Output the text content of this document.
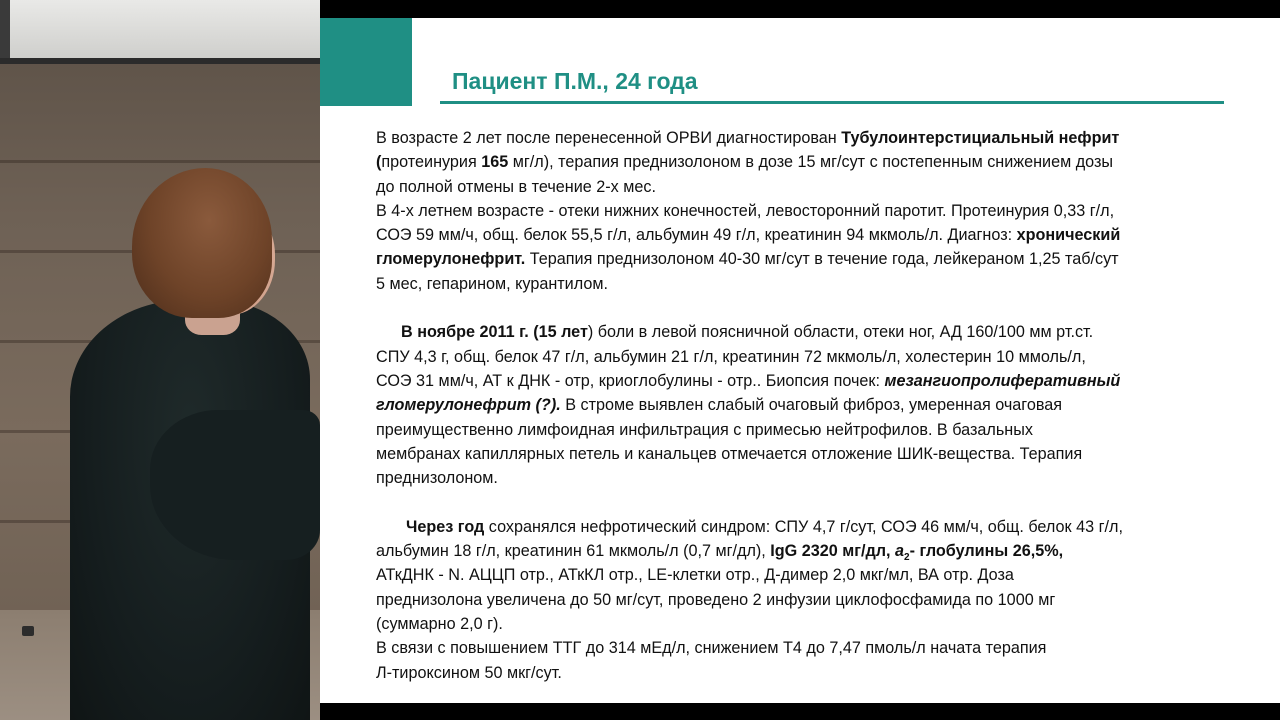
Пациент П.М., 24 года
В возрасте 2 лет после перенесенной ОРВИ диагностирован Тубулоинтерстициальный нефрит
(протеинурия 165 мг/л), терапия преднизолоном в дозе 15 мг/сут с постепенным снижением дозы
до полной отмены в течение 2-х мес.
В 4-х летнем возрасте - отеки нижних конечностей, левосторонний паротит. Протеинурия 0,33 г/л,
СОЭ 59 мм/ч, общ. белок 55,5 г/л, альбумин 49 г/л, креатинин 94 мкмоль/л. Диагноз: хронический
гломерулонефрит. Терапия преднизолоном 40-30 мг/сут в течение года, лейкераном 1,25 таб/сут
5 мес, гепарином, курантилом.
В ноябре 2011 г. (15 лет) боли в левой поясничной области, отеки ног, АД 160/100 мм рт.ст.
СПУ 4,3 г, общ. белок 47 г/л, альбумин 21 г/л, креатинин 72 мкмоль/л, холестерин 10 ммоль/л,
СОЭ 31 мм/ч, АТ к ДНК - отр, криоглобулины - отр.. Биопсия почек: мезангиопролиферативный
гломерулонефрит (?). В строме выявлен слабый очаговый фиброз, умеренная очаговая
преимущественно лимфоидная инфильтрация с примесью нейтрофилов. В базальных
мембранах капиллярных петель и канальцев отмечается отложение ШИК-вещества. Терапия
преднизолоном.
Через год сохранялся нефротический синдром: СПУ 4,7 г/сут, СОЭ 46 мм/ч, общ. белок 43 г/л,
альбумин 18 г/л, креатинин 61 мкмоль/л (0,7 мг/дл), IgG 2320 мг/дл, $a_2-$ глобулины 26,5%,
АТкДНК - N. АЦЦП отр., АТкКЛ отр., LE-клетки отр., Д-димер 2,0 мкг/мл, ВА отр. Доза
преднизолона увеличена до 50 мг/сут, проведено 2 инфузии циклофосфамида по 1000 мг
(суммарно 2,0 г).
В связи с повышением ТТГ до 314 мЕд/л, снижением Т4 до 7,47 пмоль/л начата терапия
Л-тироксином 50 мкг/сут.
